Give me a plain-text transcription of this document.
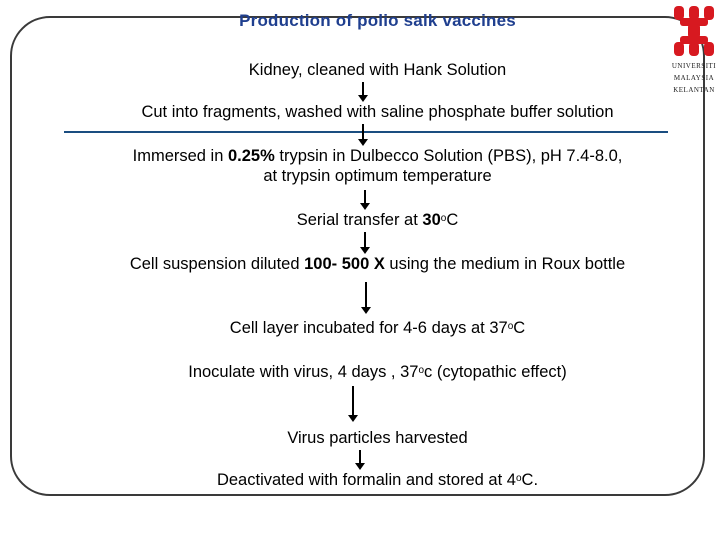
Production of polio salk vaccines
Kidney, cleaned with Hank Solution
Cut into fragments, washed with saline phosphate buffer solution
Immersed in 0.25% trypsin in Dulbecco Solution (PBS), pH 7.4-8.0,
at trypsin optimum temperature
Serial transfer at 30$^o$C
Cell suspension diluted 100- 500 X using the medium in Roux bottle
Cell layer incubated for 4-6 days at 37$^o$C
Inoculate with virus, 4 days , 37$^o$c (cytopathic effect)
Virus particles harvested
Deactivated with formalin and stored at 4$^o$C.
UNIVERSITI
MALAYSIA
KELANTAN
